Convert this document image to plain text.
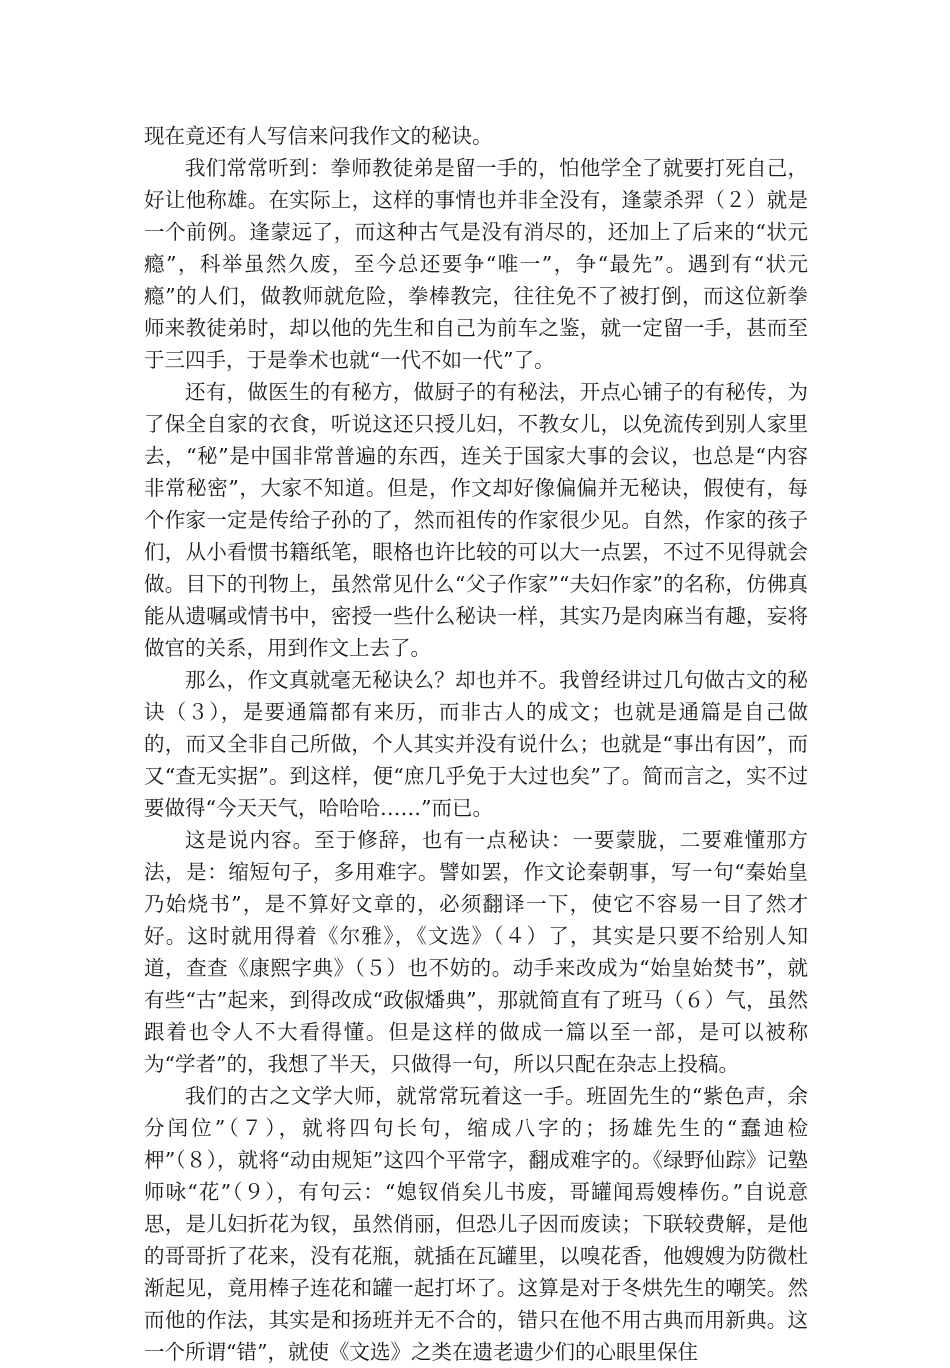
现在竟还有人写信来问我作文的秘诀。

我们常常听到：拳师教徒弟是留一手的，怕他学全了就要打死自己，好让他称雄。在实际上，这样的事情也并非全没有，逢蒙杀羿（２）就是一个前例。逢蒙远了，而这种古气是没有消尽的，还加上了后来的“状元瘾”，科举虽然久废，至今总还要争“唯一”，争“最先”。遇到有“状元瘾”的人们，做教师就危险，拳棒教完，往往免不了被打倒，而这位新拳师来教徒弟时，却以他的先生和自己为前车之鉴，就一定留一手，甚而至于三四手，于是拳术也就“一代不如一代”了。

还有，做医生的有秘方，做厨子的有秘法，开点心铺子的有秘传，为了保全自家的衣食，听说这还只授儿妇，不教女儿，以免流传到别人家里去，“秘”是中国非常普遍的东西，连关于国家大事的会议，也总是“内容非常秘密”，大家不知道。但是，作文却好像偏偏并无秘诀，假使有，每个作家一定是传给子孙的了，然而祖传的作家很少见。自然，作家的孩子们，从小看惯书籍纸笔，眼格也许比较的可以大一点罢，不过不见得就会做。目下的刊物上，虽然常见什么“父子作家”“夫妇作家”的名称，仿佛真能从遗嘱或情书中，密授一些什么秘诀一样，其实乃是肉麻当有趣，妄将做官的关系，用到作文上去了。

那么，作文真就毫无秘诀么？却也并不。我曾经讲过几句做古文的秘诀（３），是要通篇都有来历，而非古人的成文；也就是通篇是自己做的，而又全非自己所做，个人其实并没有说什么；也就是“事出有因”，而又“查无实据”。到这样，便“庶几乎免于大过也矣”了。简而言之，实不过要做得“今天天气，哈哈哈……”而已。

这是说内容。至于修辞，也有一点秘诀：一要蒙胧，二要难懂那方法，是：缩短句子，多用难字。譬如罢，作文论秦朝事，写一句“秦始皇乃始烧书”，是不算好文章的，必须翻译一下，使它不容易一目了然才好。这时就用得着《尔雅》，《文选》（４）了，其实是只要不给别人知道，查查《康熙字典》（５）也不妨的。动手来改成为“始皇始焚书”，就有些“古”起来，到得改成“政俶燔典”，那就简直有了班马（６）气，虽然跟着也令人不大看得懂。但是这样的做成一篇以至一部，是可以被称为“学者”的，我想了半天，只做得一句，所以只配在杂志上投稿。

我们的古之文学大师，就常常玩着这一手。班固先生的“紫色声，余分闰位”（７），就将四句长句，缩成八字的；扬雄先生的“蠢迪检柙”（８），就将“动由规矩”这四个平常字，翻成难字的。《绿野仙踪》记塾师咏“花”（９），有句云：“媳钗俏矣儿书废，哥罐闻焉嫂棒伤。”自说意思，是儿妇折花为钗，虽然俏丽，但恐儿子因而废读；下联较费解，是他的哥哥折了花来，没有花瓶，就插在瓦罐里，以嗅花香，他嫂嫂为防微杜渐起见，竟用棒子连花和罐一起打坏了。这算是对于冬烘先生的嘲笑。然而他的作法，其实是和扬班并无不合的，错只在他不用古典而用新典。这一个所谓“错”，就使《文选》之类在遗老遗少们的心眼里保住
